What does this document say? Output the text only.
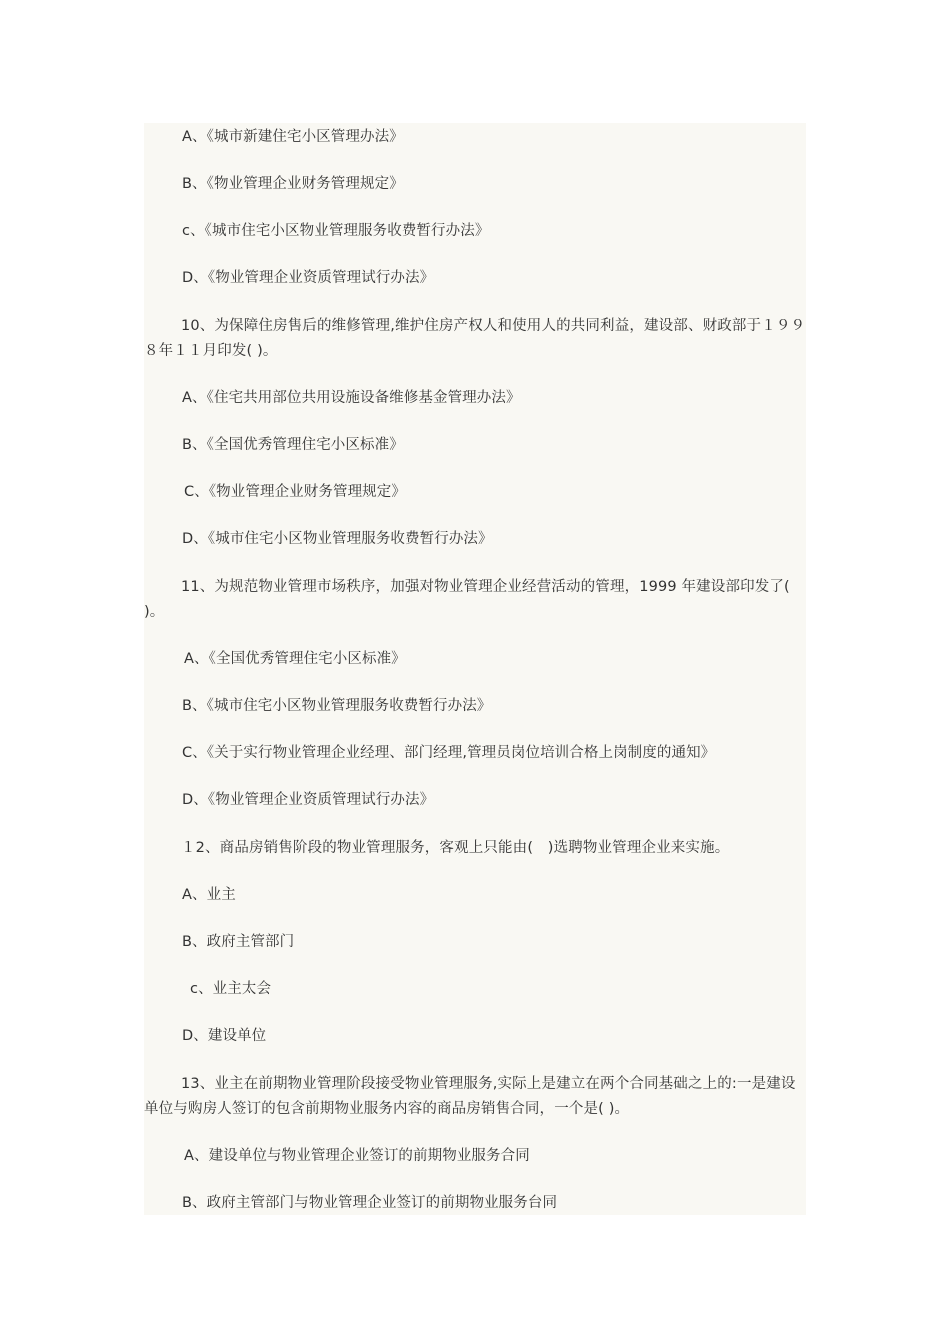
A、《城市新建住宅小区管理办法》
B、《物业管理企业财务管理规定》
c、《城市住宅小区物业管理服务收费暂行办法》
D、《物业管理企业资质管理试行办法》
10、为保障住房售后的维修管理,维护住房产权人和使用人的共同利益，建设部、财政部于１９９８年１１月印发( )。
A、《住宅共用部位共用设施设备维修基金管理办法》
B、《全国优秀管理住宅小区标准》
C、《物业管理企业财务管理规定》
D、《城市住宅小区物业管理服务收费暂行办法》
11、为规范物业管理市场秩序，加强对物业管理企业经营活动的管理，1999 年建设部印发了( )。
A、《全国优秀管理住宅小区标准》
B、《城市住宅小区物业管理服务收费暂行办法》
C、《关于实行物业管理企业经理、部门经理,管理员岗位培训合格上岗制度的通知》
D、《物业管理企业资质管理试行办法》
１2、商品房销售阶段的物业管理服务，客观上只能由(　)选聘物业管理企业来实施。
A、业主
B、政府主管部门
c、业主太会
D、建设单位
13、业主在前期物业管理阶段接受物业管理服务,实际上是建立在两个合同基础之上的:一是建设单位与购房人签订的包含前期物业服务内容的商品房销售合同，一个是( )。
A、建设单位与物业管理企业签订的前期物业服务合同
B、政府主管部门与物业管理企业签订的前期物业服务台同
